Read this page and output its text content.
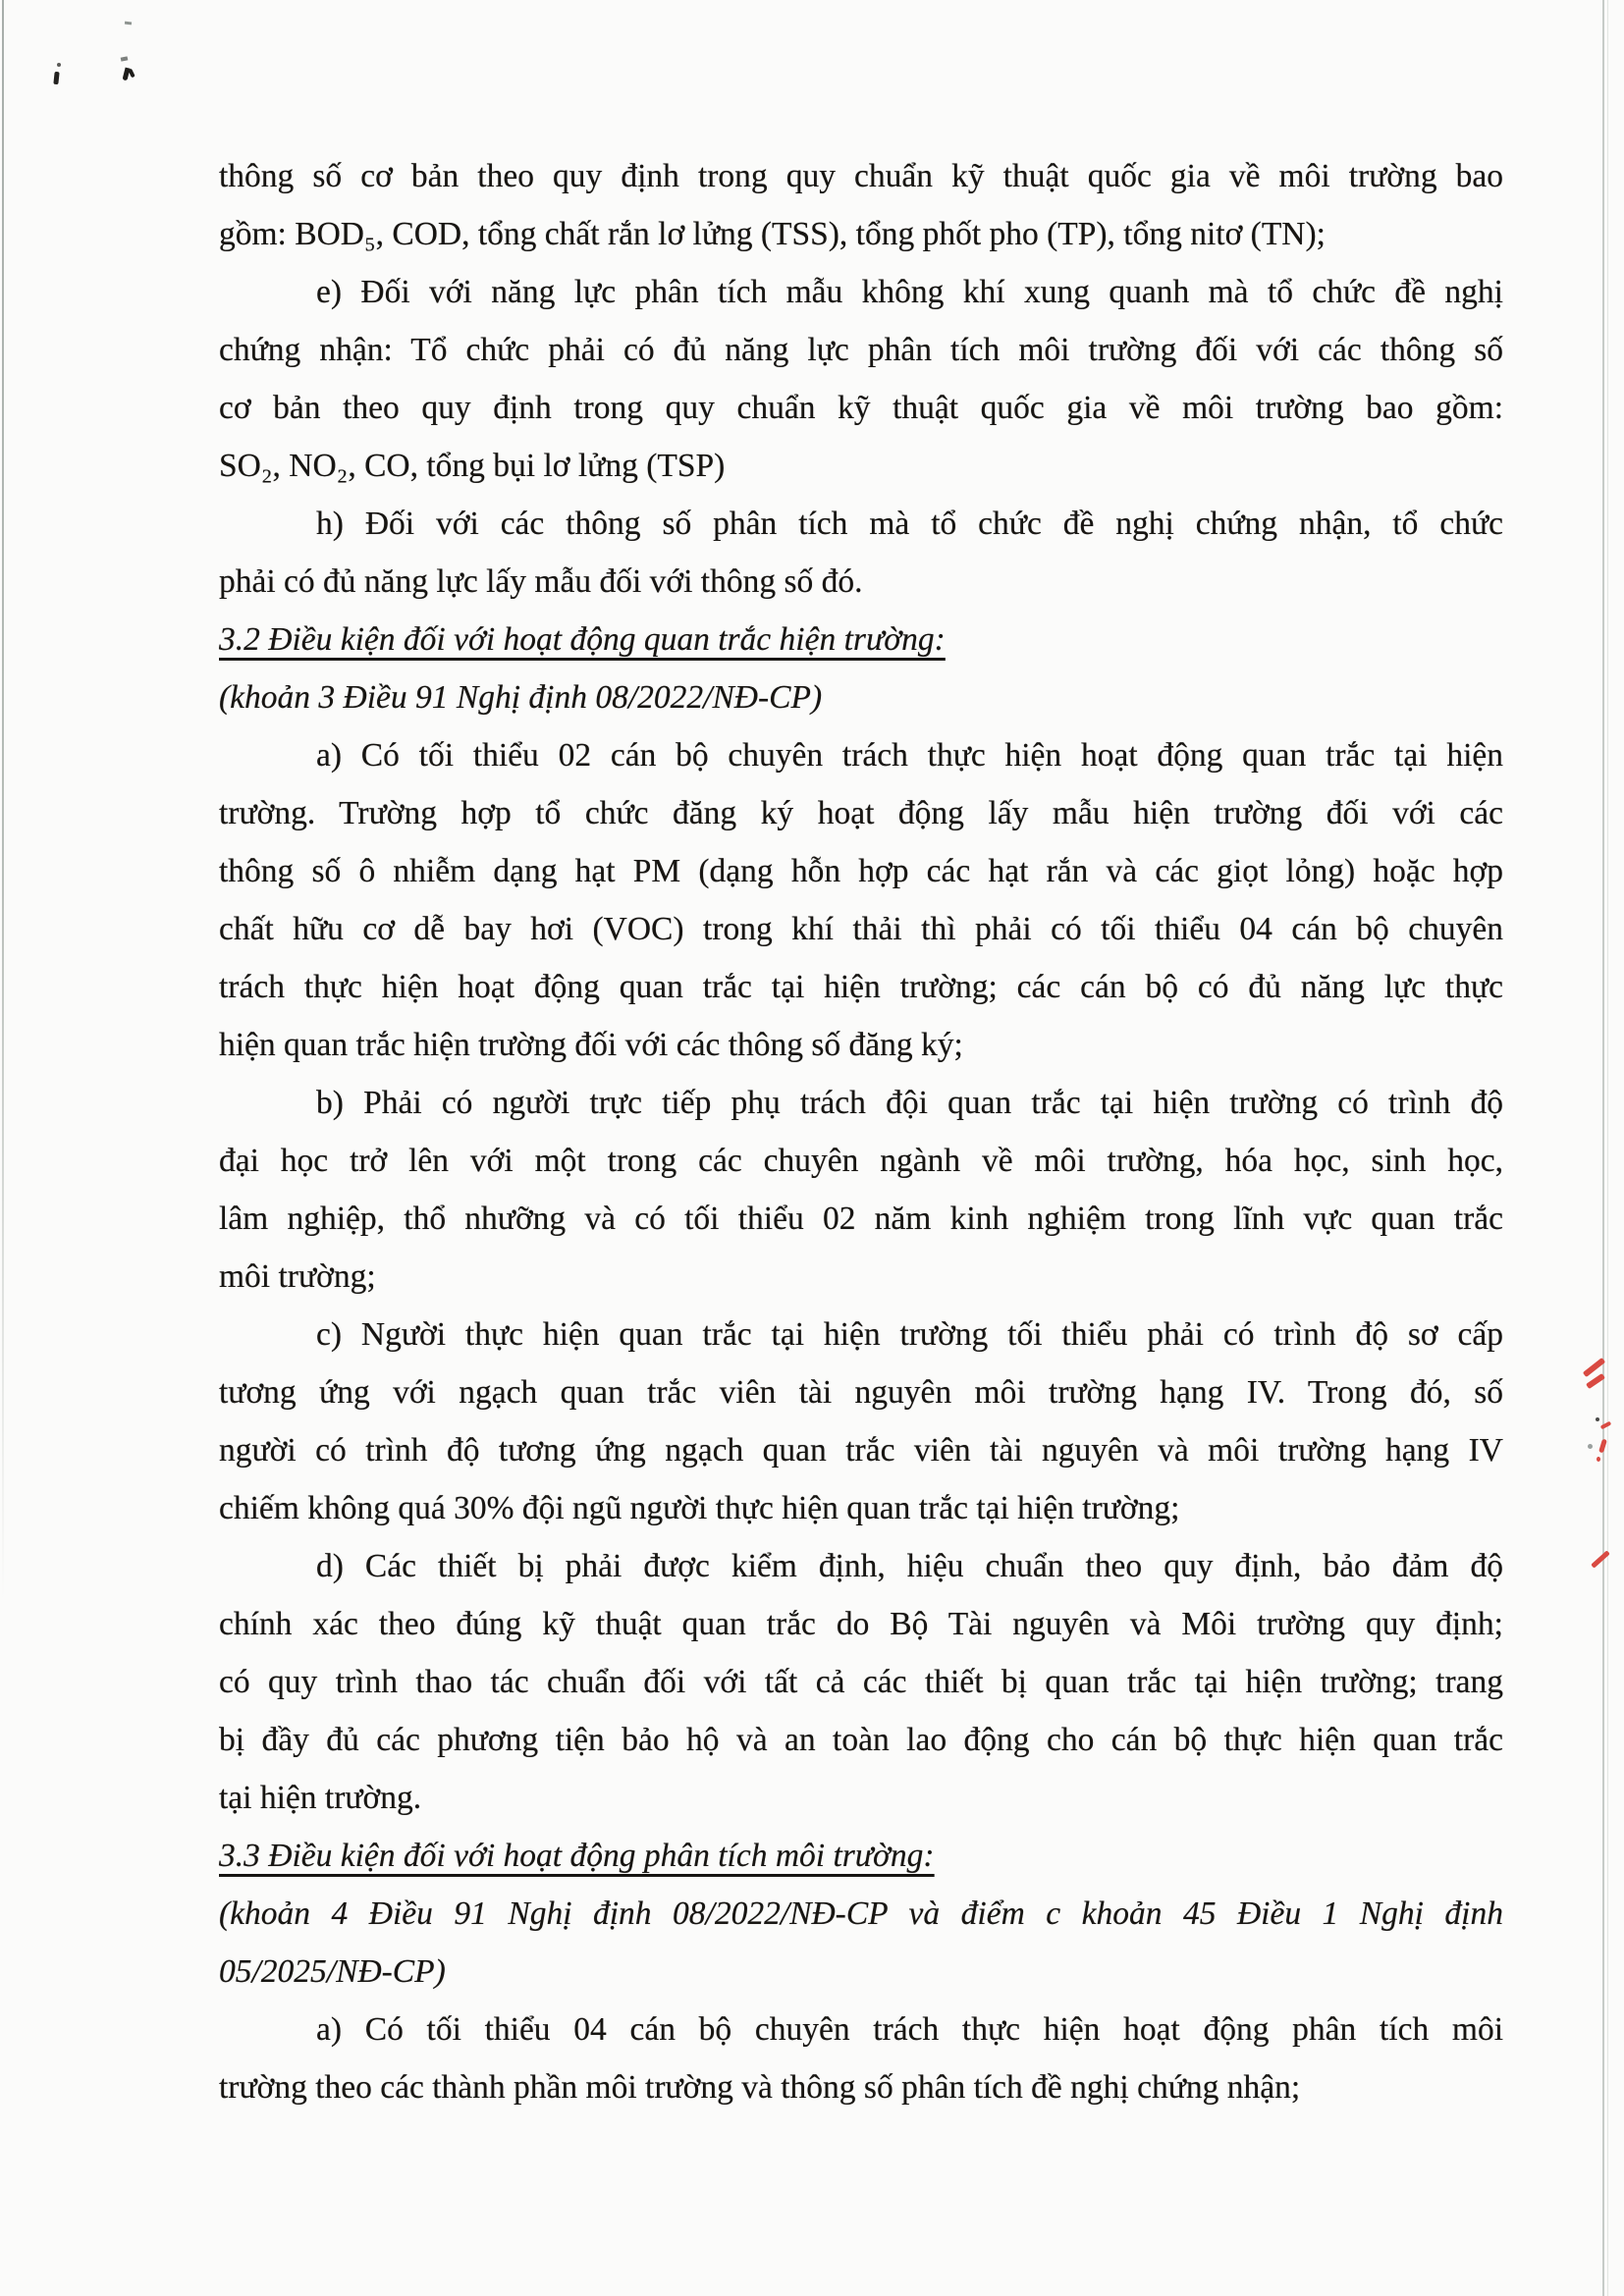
thông số cơ bản theo quy định trong quy chuẩn kỹ thuật quốc gia về môi trường bao
gồm: BOD₅, COD, tổng chất rắn lơ lửng (TSS), tổng phốt pho (TP), tổng nitơ (TN);
e) Đối với năng lực phân tích mẫu không khí xung quanh mà tổ chức đề nghị
chứng nhận: Tổ chức phải có đủ năng lực phân tích môi trường đối với các thông số
cơ bản theo quy định trong quy chuẩn kỹ thuật quốc gia về môi trường bao gồm:
SO₂, NO₂, CO, tổng bụi lơ lửng (TSP)
h) Đối với các thông số phân tích mà tổ chức đề nghị chứng nhận, tổ chức
phải có đủ năng lực lấy mẫu đối với thông số đó.
3.2 Điều kiện đối với hoạt động quan trắc hiện trường:
(khoản 3 Điều 91 Nghị định 08/2022/NĐ-CP)
a) Có tối thiểu 02 cán bộ chuyên trách thực hiện hoạt động quan trắc tại hiện
trường. Trường hợp tổ chức đăng ký hoạt động lấy mẫu hiện trường đối với các
thông số ô nhiễm dạng hạt PM (dạng hỗn hợp các hạt rắn và các giọt lỏng) hoặc hợp
chất hữu cơ dễ bay hơi (VOC) trong khí thải thì phải có tối thiểu 04 cán bộ chuyên
trách thực hiện hoạt động quan trắc tại hiện trường; các cán bộ có đủ năng lực thực
hiện quan trắc hiện trường đối với các thông số đăng ký;
b) Phải có người trực tiếp phụ trách đội quan trắc tại hiện trường có trình độ
đại học trở lên với một trong các chuyên ngành về môi trường, hóa học, sinh học,
lâm nghiệp, thổ nhưỡng và có tối thiểu 02 năm kinh nghiệm trong lĩnh vực quan trắc
môi trường;
c) Người thực hiện quan trắc tại hiện trường tối thiểu phải có trình độ sơ cấp
tương ứng với ngạch quan trắc viên tài nguyên môi trường hạng IV. Trong đó, số
người có trình độ tương ứng ngạch quan trắc viên tài nguyên và môi trường hạng IV
chiếm không quá 30% đội ngũ người thực hiện quan trắc tại hiện trường;
d) Các thiết bị phải được kiểm định, hiệu chuẩn theo quy định, bảo đảm độ
chính xác theo đúng kỹ thuật quan trắc do Bộ Tài nguyên và Môi trường quy định;
có quy trình thao tác chuẩn đối với tất cả các thiết bị quan trắc tại hiện trường; trang
bị đầy đủ các phương tiện bảo hộ và an toàn lao động cho cán bộ thực hiện quan trắc
tại hiện trường.
3.3 Điều kiện đối với hoạt động phân tích môi trường:
(khoản 4 Điều 91 Nghị định 08/2022/NĐ-CP và điểm c khoản 45 Điều 1 Nghị định
05/2025/NĐ-CP)
a) Có tối thiểu 04 cán bộ chuyên trách thực hiện hoạt động phân tích môi
trường theo các thành phần môi trường và thông số phân tích đề nghị chứng nhận;
